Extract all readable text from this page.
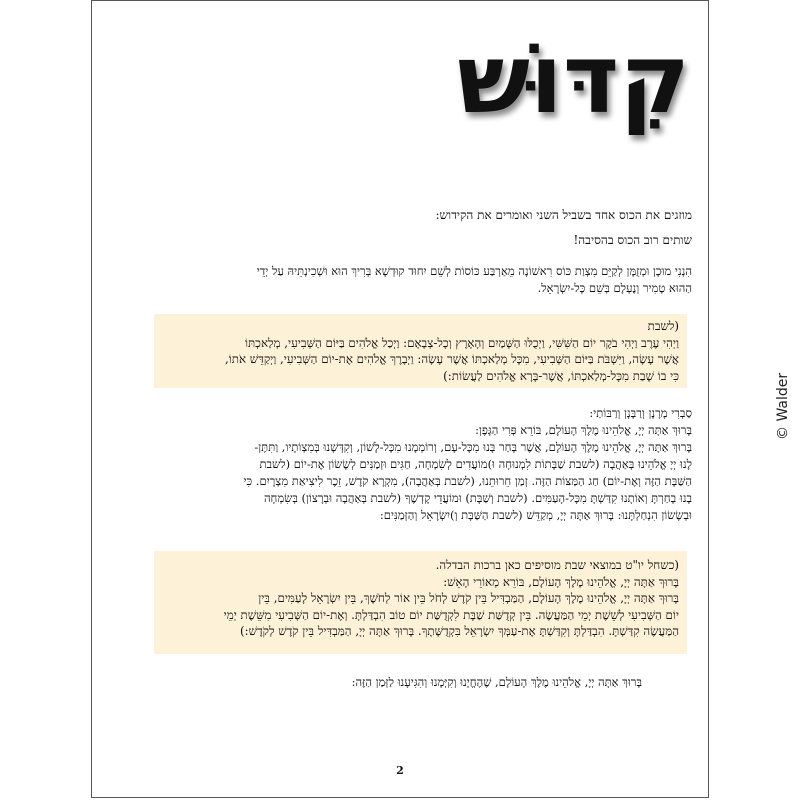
קִדּוּשׁ
מוזגים את הכוס אחד בשביל השני ואומרים את הקידוש:
שותים רוב הכוס בהסיבה!
הִנְנִי מוּכָן וּמְזֻמָּן לְקַיֵּם מִצְוַת כּוֹס רִאשׁוֹנָה מֵאַרְבַּע כּוֹסוֹת לְשֵׁם יִחוּד קוּדְשָׁא בְּרִיךְ הוּא וּשְׁכִינְתֵּיהּ עַל יְדֵי
הַהוּא טָמִיר וְנֶעְלָם בְּשֵׁם כָּל-יִשְׂרָאֵל.
(לשבת
וַיְהִי עֶרֶב וַיְהִי בֹקֶר יוֹם הַשִּׁשִּׁי, וַיְכֻלּוּ הַשָּׁמַיִם וְהָאָרֶץ וְכָל-צְבָאָם: וַיְכַל אֱלֹהִים בַּיּוֹם הַשְּׁבִיעִי, מְלַאכְתּוֹ
אֲשֶׁר עָשָׂה, וַיִּשְׁבֹּת בַּיּוֹם הַשְּׁבִיעִי, מִכָּל מְלַאכְתּוֹ אֲשֶׁר עָשָׂה: וַיְבָרֶךְ אֱלֹהִים אֶת-יוֹם הַשְּׁבִיעִי, וַיְקַדֵּשׁ אֹתוֹ,
כִּי בוֹ שָׁבַת מִכָּל-מְלַאכְתּוֹ, אֲשֶׁר-בָּרָא אֱלֹהִים לַעֲשׂוֹת:)
סַבְרִי מָרָנָן וְרַבָּנָן וְרַבּוֹתַי:
בָּרוּךְ אַתָּה יְיָ, אֱלֹהֵינוּ מֶלֶךְ הָעוֹלָם, בּוֹרֵא פְּרִי הַגָּפֶן:
בָּרוּךְ אַתָּה יְיָ, אֱלֹהֵינוּ מֶלֶךְ הָעוֹלָם, אֲשֶׁר בָּחַר בָּנוּ מִכָּל-עָם, וְרוֹמְמָנוּ מִכָּל-לָשׁוֹן, וְקִדְּשָׁנוּ בְּמִצְוֹתָיו, וַתִּתֶּן-
לָנוּ יְיָ אֱלֹהֵינוּ בְּאַהֲבָה (לשבת שַׁבָּתוֹת לִמְנוּחָה וּ)מוֹעֲדִים לְשִׂמְחָה, חַגִּים וּזְמַנִּים לְשָׂשׂוֹן אֶת-יוֹם (לשבת
הַשַּׁבָּת הַזֶּה וְאֶת-יוֹם) חַג הַמַּצּוֹת הַזֶּה. זְמַן חֵרוּתֵנוּ, (לשבת בְּאַהֲבָה), מִקְרָא קֹדֶשׁ, זֵכֶר לִיצִיאַת מִצְרָיִם. כִּי
בָנוּ בָחַרְתָּ וְאוֹתָנוּ קִדַּשְׁתָּ מִכָּל-הָעַמִּים. (לשבת וְשַׁבָּת) וּמוֹעֲדֵי קָדְשֶׁךָ (לשבת בְּאַהֲבָה וּבְרָצוֹן) בְּשִׂמְחָה
וּבְשָׂשׂוֹן הִנְחַלְתָּנוּ: בָּרוּךְ אַתָּה יְיָ, מְקַדֵּשׁ (לשבת הַשַּׁבָּת וְ)יִשְׂרָאֵל וְהַזְּמַנִּים:
(כשחל יו"ט במוצאי שבת מוסיפים כאן ברכות הבדלה.
בָּרוּךְ אַתָּה יְיָ, אֱלֹהֵינוּ מֶלֶךְ הָעוֹלָם, בּוֹרֵא מְאוֹרֵי הָאֵשׁ:
בָּרוּךְ אַתָּה יְיָ, אֱלֹהֵינוּ מֶלֶךְ הָעוֹלָם, הַמַּבְדִּיל בֵּין קֹדֶשׁ לְחֹל בֵּין אוֹר לְחֹשֶׁךְ, בֵּין יִשְׂרָאֵל לָעַמִּים, בֵּין
יוֹם הַשְּׁבִיעִי לְשֵׁשֶׁת יְמֵי הַמַּעֲשֶׂה. בֵּין קְדֻשַּׁת שַׁבָּת לִקְדֻשַּׁת יוֹם טוֹב הִבְדַּלְתָּ. וְאֶת-יוֹם הַשְּׁבִיעִי מִשֵּׁשֶׁת יְמֵי
הַמַּעֲשֶׂה קִדַּשְׁתָּ. הִבְדַּלְתָּ וְקִדַּשְׁתָּ אֶת-עַמְּךָ יִשְׂרָאֵל בִּקְדֻשָּׁתֶךָ. בָּרוּךְ אַתָּה יְיָ, הַמַּבְדִּיל בֵּין קֹדֶשׁ לְקֹדֶשׁ:)
בָּרוּךְ אַתָּה יְיָ, אֱלֹהֵינוּ מֶלֶךְ הָעוֹלָם, שֶׁהֶחֱיָנוּ וְקִיְּמָנוּ וְהִגִּיעָנוּ לַזְּמַן הַזֶּה:
2
© Walder
